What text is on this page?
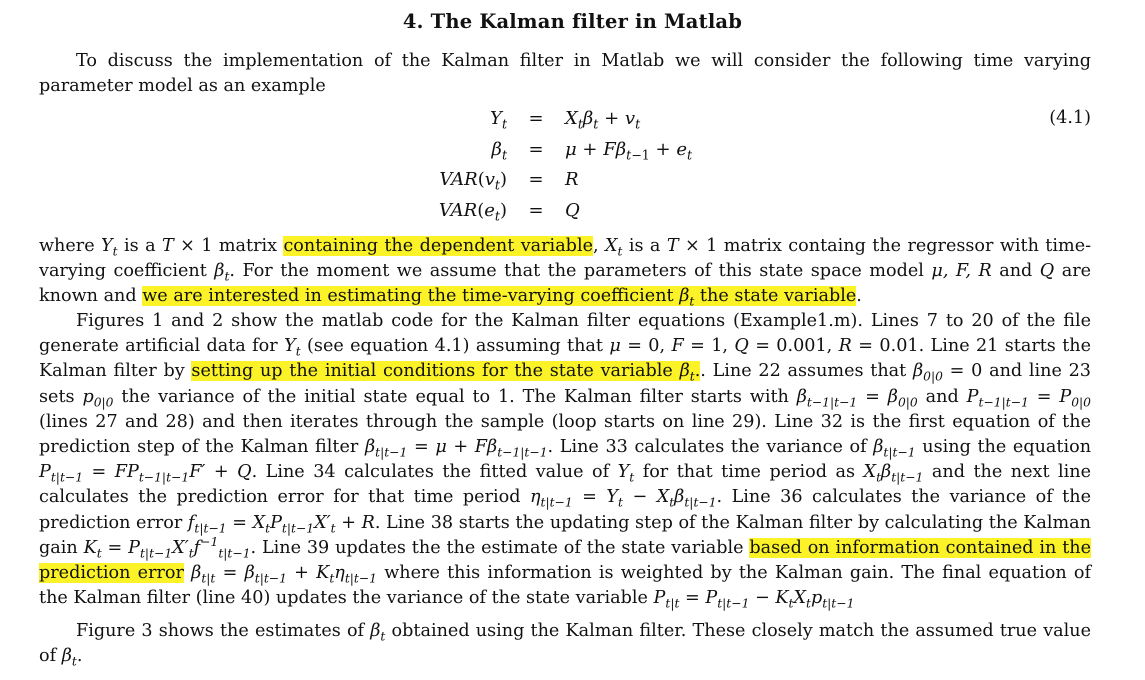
4. The Kalman filter in Matlab

To discuss the implementation of the Kalman filter in Matlab we will consider the following time varying parameter model as an example

$Y_t = X_t\beta_t + v_t$	(4.1)
$\beta_t = \mu + F\beta_{t-1} + e_t$
$VAR(v_t) = R$
$VAR(e_t) = Q$

where $Y_t$ is a T × 1 matrix containing the dependent variable, $X_t$ is a T × 1 matrix containg the regressor with time-varying coefficient $\beta_t$. For the moment we assume that the parameters of this state space model μ, F, R and Q are known and we are interested in estimating the time-varying coefficient $\beta_t$ the state variable.

Figures 1 and 2 show the matlab code for the Kalman filter equations (Example1.m). Lines 7 to 20 of the file generate artificial data for $Y_t$ (see equation 4.1) assuming that μ = 0, F = 1, Q = 0.001, R = 0.01. Line 21 starts the Kalman filter by setting up the initial conditions for the state variable $\beta_t$.. Line 22 assumes that $\beta_{0|0} = 0$ and line 23 sets $p_{0|0}$ the variance of the initial state equal to 1. The Kalman filter starts with $\beta_{t-1|t-1} = \beta_{0|0}$ and $P_{t-1|t-1} = P_{0|0}$ (lines 27 and 28) and then iterates through the sample (loop starts on line 29). Line 32 is the first equation of the prediction step of the Kalman filter $\beta_{t|t-1} = \mu + F\beta_{t-1|t-1}$. Line 33 calculates the variance of $\beta_{t|t-1}$ using the equation $P_{t|t-1} = FP_{t-1|t-1}F' + Q$. Line 34 calculates the fitted value of $Y_t$ for that time period as $X_t\beta_{t|t-1}$ and the next line calculates the prediction error for that time period $\eta_{t|t-1} = Y_t - X_t\beta_{t|t-1}$. Line 36 calculates the variance of the prediction error $f_{t|t-1} = X_tP_{t|t-1}X'_t + R$. Line 38 starts the updating step of the Kalman filter by calculating the Kalman gain $K_t = P_{t|t-1}X'_tf^{-1}_{t|t-1}$. Line 39 updates the the estimate of the state variable based on information contained in the prediction error $\beta_{t|t} = \beta_{t|t-1} + K_t\eta_{t|t-1}$ where this information is weighted by the Kalman gain. The final equation of the Kalman filter (line 40) updates the variance of the state variable $P_{t|t} = P_{t|t-1} - K_tX_tp_{t|t-1}$

Figure 3 shows the estimates of $\beta_t$ obtained using the Kalman filter. These closely match the assumed true value of $\beta_t$.
